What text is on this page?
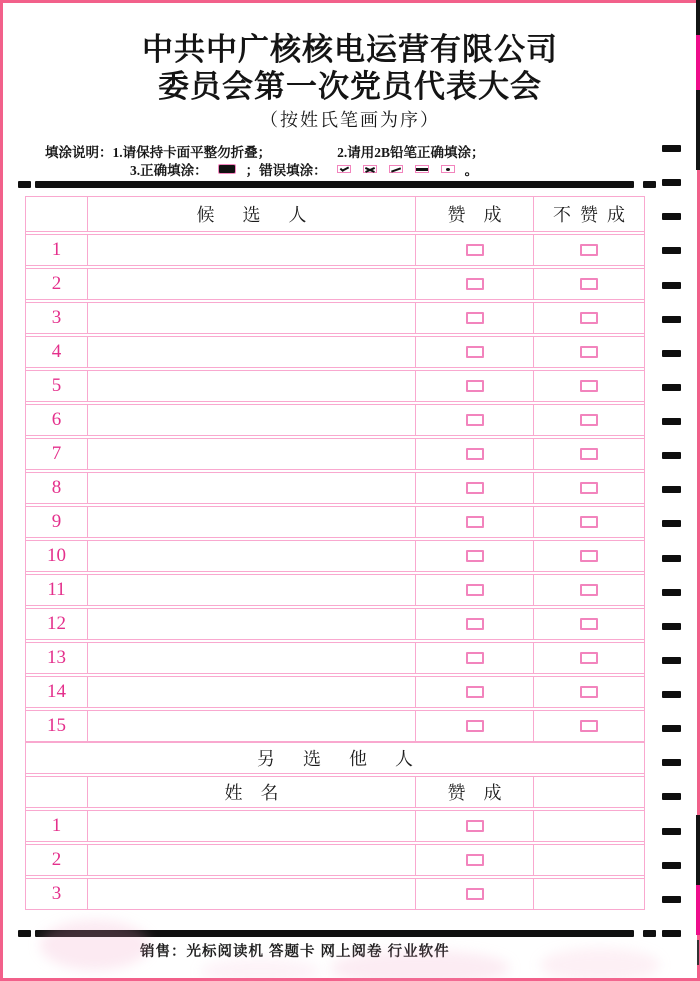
中共中广核核电运营有限公司
委员会第一次党员代表大会
（按姓氏笔画为序）
填涂说明：1.请保持卡面平整勿折叠；	2.请用2B铅笔正确填涂；
3.正确填涂：	；错误填涂：	。
候选人	赞成	不赞成
1
2
3
4
5
6
7
8
9
10
11
12
13
14
15
另选他人
姓名	赞成
1
2
3
销售：光标阅读机 答题卡 网上阅卷 行业软件
